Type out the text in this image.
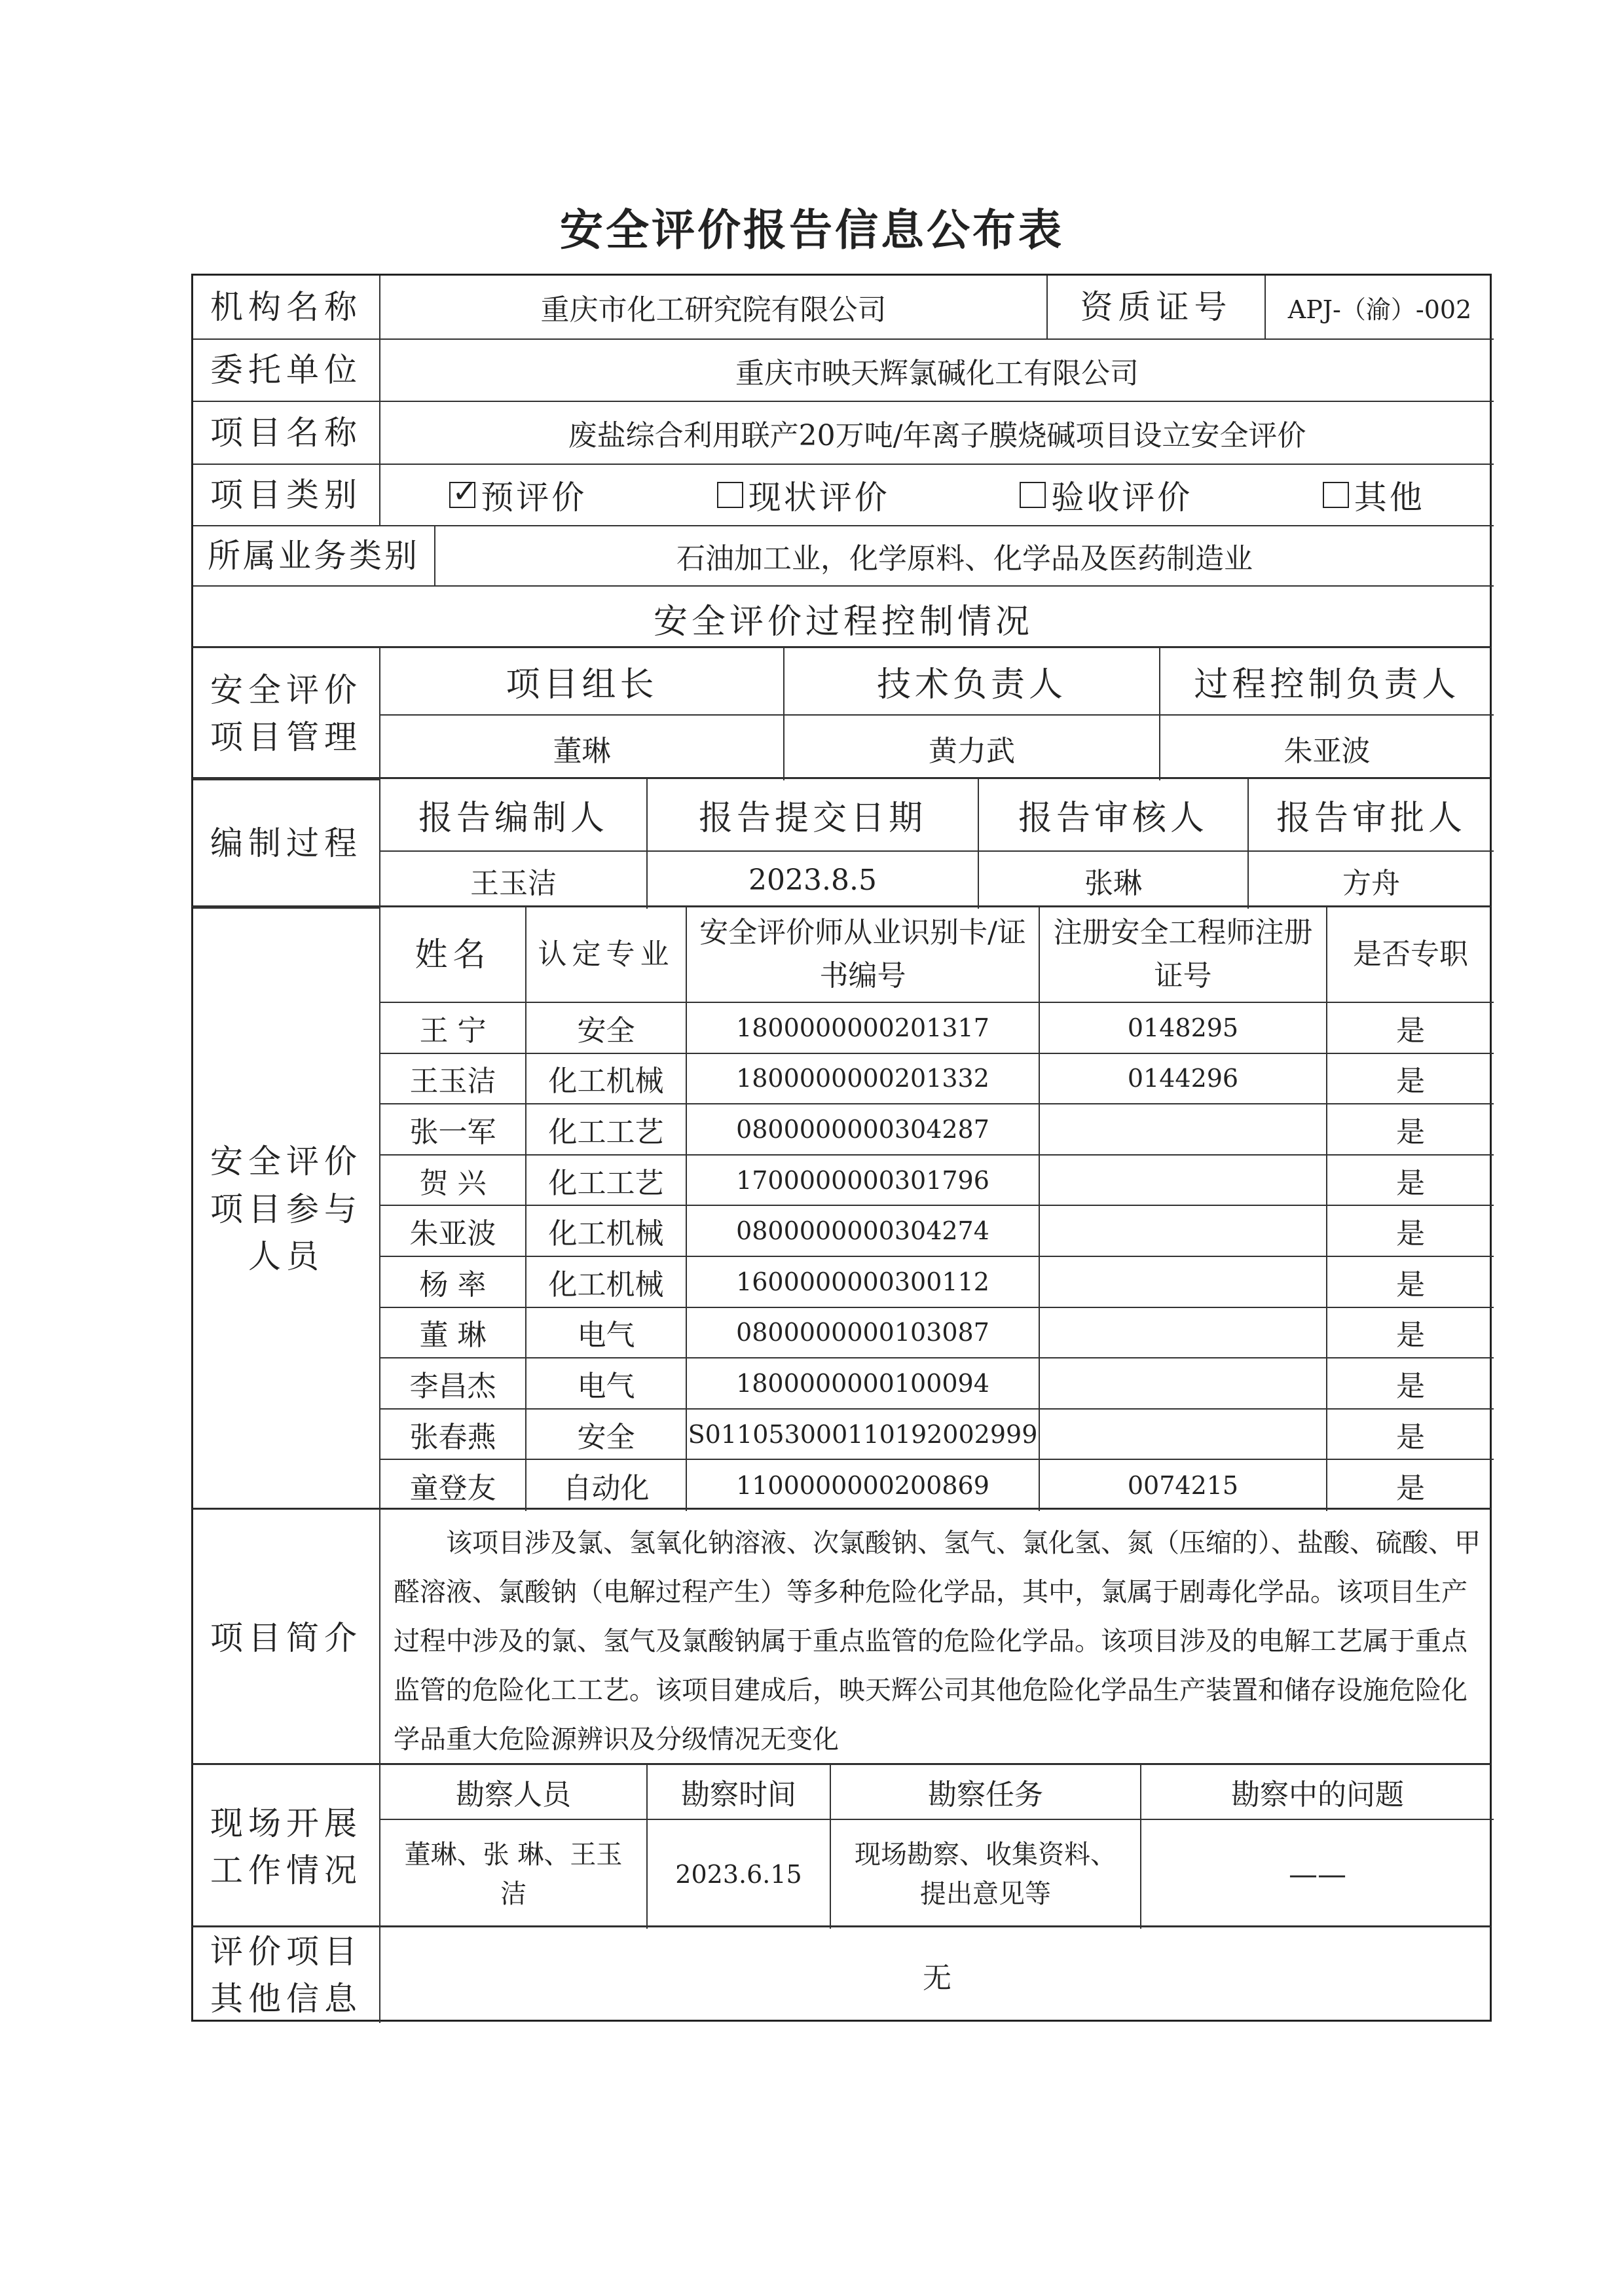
安全评价报告信息公布表
机构名称	重庆市化工研究院有限公司	资质证号	APJ-（渝）-002
委托单位	重庆市映天辉氯碱化工有限公司
项目名称	废盐综合利用联产20万吨/年离子膜烧碱项目设立安全评价
项目类别
✓	预评价	现状评价	验收评价	其他
所属业务类别	石油加工业，化学原料、化学品及医药制造业
安全评价过程控制情况
安全评价项目管理
项目组长	技术负责人	过程控制负责人
董琳	黄力武	朱亚波
编制过程
报告编制人	报告提交日期	报告审核人	报告审批人
王玉洁	2023.8.5	张琳	方舟
安全评价项目参与人员
姓名	认定专业
安全评价师从业识别卡/证书编号
注册安全工程师注册证号
是否专职
王 宁	安全	1800000000201317	0148295	是
王玉洁	化工机械	1800000000201332	0144296	是
张一军	化工工艺	0800000000304287	是
贺 兴	化工工艺	1700000000301796	是
朱亚波	化工机械	0800000000304274	是
杨 率	化工机械	1600000000300112	是
董 琳	电气	0800000000103087	是
李昌杰	电气	1800000000100094	是
张春燕	安全	S011053000110192002999	是
童登友	自动化	1100000000200869	0074215	是
项目简介
该项目涉及氯、氢氧化钠溶液、次氯酸钠、氢气、氯化氢、氮（压缩的）、盐酸、硫酸、甲醛溶液、氯酸钠（电解过程产生）等多种危险化学品，其中，氯属于剧毒化学品。该项目生产过程中涉及的氯、氢气及氯酸钠属于重点监管的危险化学品。该项目涉及的电解工艺属于重点监管的危险化工工艺。该项目建成后，映天辉公司其他危险化学品生产装置和储存设施危险化学品重大危险源辨识及分级情况无变化
现场开展工作情况
勘察人员	勘察时间	勘察任务	勘察中的问题
董琳、张 琳、王玉洁
2023.6.15
现场勘察、收集资料、提出意见等
——
评价项目其他信息
无
